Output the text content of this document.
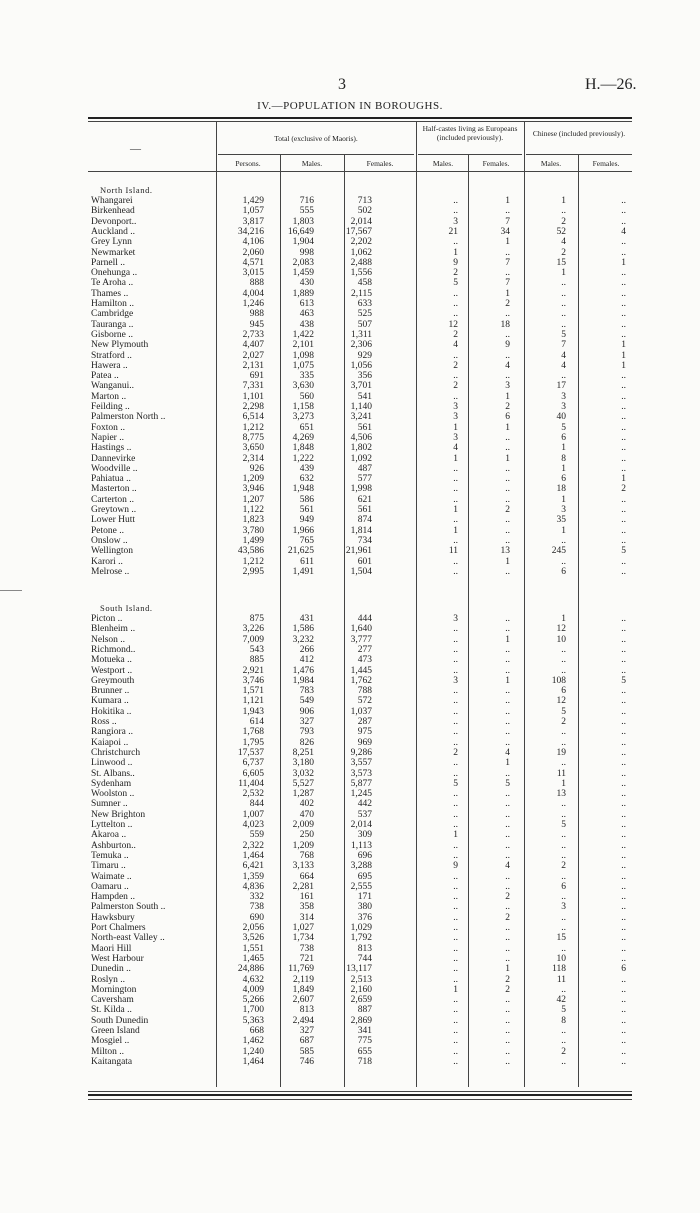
3	H.—26.
IV.—POPULATION IN BOROUGHS.
—
Total (exclusive of Maoris).
Half-castes living as Europeans (included previously).	Chinese (included previously).
Persons.	Males.	Females.	Males.	Females.	Males.	Females.
North Island.
Whangarei	1,429	716	713	..	1	1	..
Birkenhead	1,057	555	502	..	..	..	..
Devonport..	3,817	1,803	2,014	3	7	2	..
Auckland ..	34,216	16,649	17,567	21	34	52	4
Grey Lynn	4,106	1,904	2,202	..	1	4	..
Newmarket	2,060	998	1,062	1	..	2	..
Parnell ..	4,571	2,083	2,488	9	7	15	1
Onehunga ..	3,015	1,459	1,556	2	..	1	..
Te Aroha ..	888	430	458	5	7	..	..
Thames ..	4,004	1,889	2,115	..	1	..	..
Hamilton ..	1,246	613	633	..	2	..	..
Cambridge	988	463	525	..	..	..	..
Tauranga ..	945	438	507	12	18	..	..
Gisborne ..	2,733	1,422	1,311	2	..	5	..
New Plymouth	4,407	2,101	2,306	4	9	7	1
Stratford ..	2,027	1,098	929	..	..	4	1
Hawera ..	2,131	1,075	1,056	2	4	4	1
Patea ..	691	335	356	..	..	..	..
Wanganui..	7,331	3,630	3,701	2	3	17	..
Marton ..	1,101	560	541	..	1	3	..
Feilding ..	2,298	1,158	1,140	3	2	3	..
Palmerston North ..	6,514	3,273	3,241	3	6	40	..
Foxton ..	1,212	651	561	1	1	5	..
Napier ..	8,775	4,269	4,506	3	..	6	..
Hastings ..	3,650	1,848	1,802	4	..	1	..
Dannevirke	2,314	1,222	1,092	1	1	8	..
Woodville ..	926	439	487	..	..	1	..
Pahiatua ..	1,209	632	577	..	..	6	1
Masterton ..	3,946	1,948	1,998	..	..	18	2
Carterton ..	1,207	586	621	..	..	1	..
Greytown ..	1,122	561	561	1	2	3	..
Lower Hutt	1,823	949	874	..	..	35	..
Petone ..	3,780	1,966	1,814	1	..	1	..
Onslow ..	1,499	765	734	..	..	..	..
Wellington	43,586	21,625	21,961	11	13	245	5
Karori ..	1,212	611	601	..	1	..	..
Melrose ..	2,995	1,491	1,504	..	..	6	..
South Island.
Picton ..	875	431	444	3	..	1	..
Blenheim ..	3,226	1,586	1,640	..	..	12	..
Nelson ..	7,009	3,232	3,777	..	1	10	..
Richmond..	543	266	277	..	..	..	..
Motueka ..	885	412	473	..	..	..	..
Westport ..	2,921	1,476	1,445	..	..	..	..
Greymouth	3,746	1,984	1,762	3	1	108	5
Brunner ..	1,571	783	788	..	..	6	..
Kumara ..	1,121	549	572	..	..	12	..
Hokitika ..	1,943	906	1,037	..	..	5	..
Ross ..	614	327	287	..	..	2	..
Rangiora ..	1,768	793	975	..	..	..	..
Kaiapoi ..	1,795	826	969	..	..	..	..
Christchurch	17,537	8,251	9,286	2	4	19	..
Linwood ..	6,737	3,180	3,557	..	1	..	..
St. Albans..	6,605	3,032	3,573	..	..	11	..
Sydenham	11,404	5,527	5,877	5	5	1	..
Woolston ..	2,532	1,287	1,245	..	..	13	..
Sumner ..	844	402	442	..	..	..	..
New Brighton	1,007	470	537	..	..	..	..
Lyttelton ..	4,023	2,009	2,014	..	..	5	..
Akaroa ..	559	250	309	1	..	..	..
Ashburton..	2,322	1,209	1,113	..	..	..	..
Temuka ..	1,464	768	696	..	..	..	..
Timaru ..	6,421	3,133	3,288	9	4	2	..
Waimate ..	1,359	664	695	..	..	..	..
Oamaru ..	4,836	2,281	2,555	..	..	6	..
Hampden ..	332	161	171	..	2	..	..
Palmerston South ..	738	358	380	..	..	3	..
Hawksbury	690	314	376	..	2	..	..
Port Chalmers	2,056	1,027	1,029	..	..	..	..
North-east Valley ..	3,526	1,734	1,792	..	..	15	..
Maori Hill	1,551	738	813	..	..	..	..
West Harbour	1,465	721	744	..	..	10	..
Dunedin ..	24,886	11,769	13,117	..	1	118	6
Roslyn ..	4,632	2,119	2,513	..	2	11	..
Mornington	4,009	1,849	2,160	1	2	..	..
Caversham	5,266	2,607	2,659	..	..	42	..
St. Kilda ..	1,700	813	887	..	..	5	..
South Dunedin	5,363	2,494	2,869	..	..	8	..
Green Island	668	327	341	..	..	..	..
Mosgiel ..	1,462	687	775	..	..	..	..
Milton ..	1,240	585	655	..	..	2	..
Kaitangata	1,464	746	718	..	..	..	..
